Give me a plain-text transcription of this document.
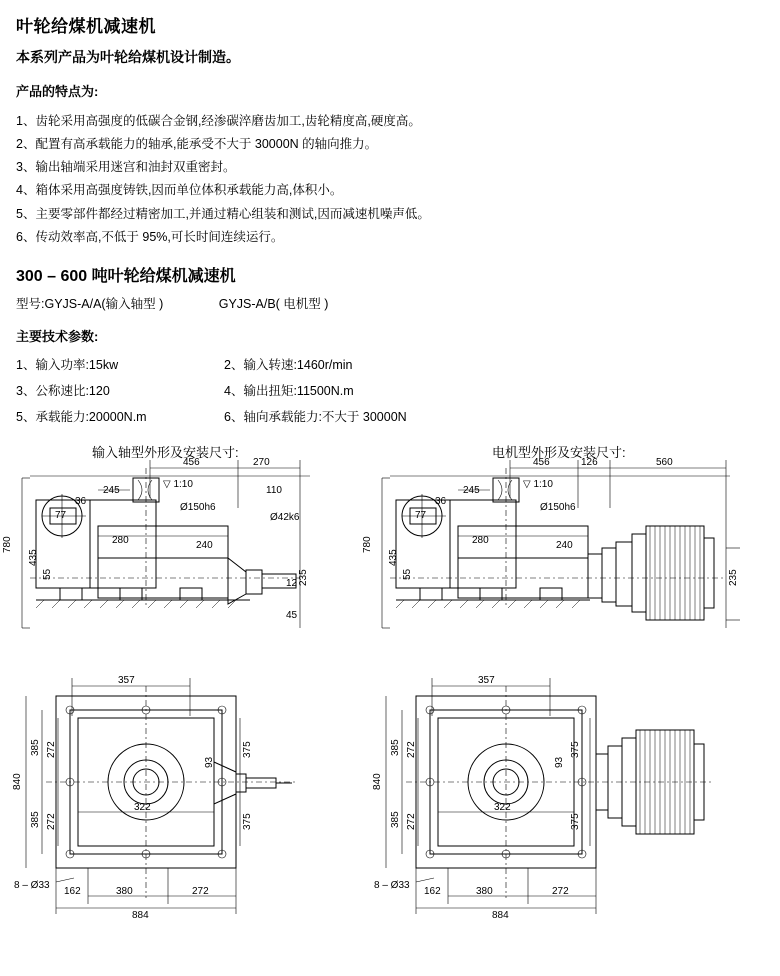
叶轮给煤机减速机
本系列产品为叶轮给煤机设计制造。
产品的特点为:
1、齿轮采用高强度的低碳合金钢,经渗碳淬磨齿加工,齿轮精度高,硬度高。
2、配置有高承载能力的轴承,能承受不大于 30000N 的轴向推力。
3、输出轴端采用迷宫和油封双重密封。
4、箱体采用高强度铸铁,因而单位体积承载能力高,体积小。
5、主要零部件都经过精密加工,并通过精心组装和测试,因而减速机噪声低。
6、传动效率高,不低于 95%,可长时间连续运行。
300 – 600 吨叶轮给煤机减速机
型号:GYJS-A/A(输入轴型 )	GYJS-A/B( 电机型 )
主要技术参数:
1、输入功率:15kw	2、输入转速:1460r/min
3、公称速比:120	4、输出扭矩:11500N.m
5、承载能力:20000N.m	6、轴向承载能力:不大于 30000N
输入轴型外形及安装尺寸:	电机型外形及安装尺寸:
456	270
245
36
77
▽ 1:10
110
Ø150h6
Ø42k6
280	240
780
435
55
12
45
235
456	126	560
245
36
77
▽ 1:10
Ø150h6
280	240
780
435
55	235
357
840
385
385
272
272
375
375
93
322
162	380	272
884
8 – Ø33
357
840
385
385
272
272
375
375
93
322
162	380	272
884
8 – Ø33
